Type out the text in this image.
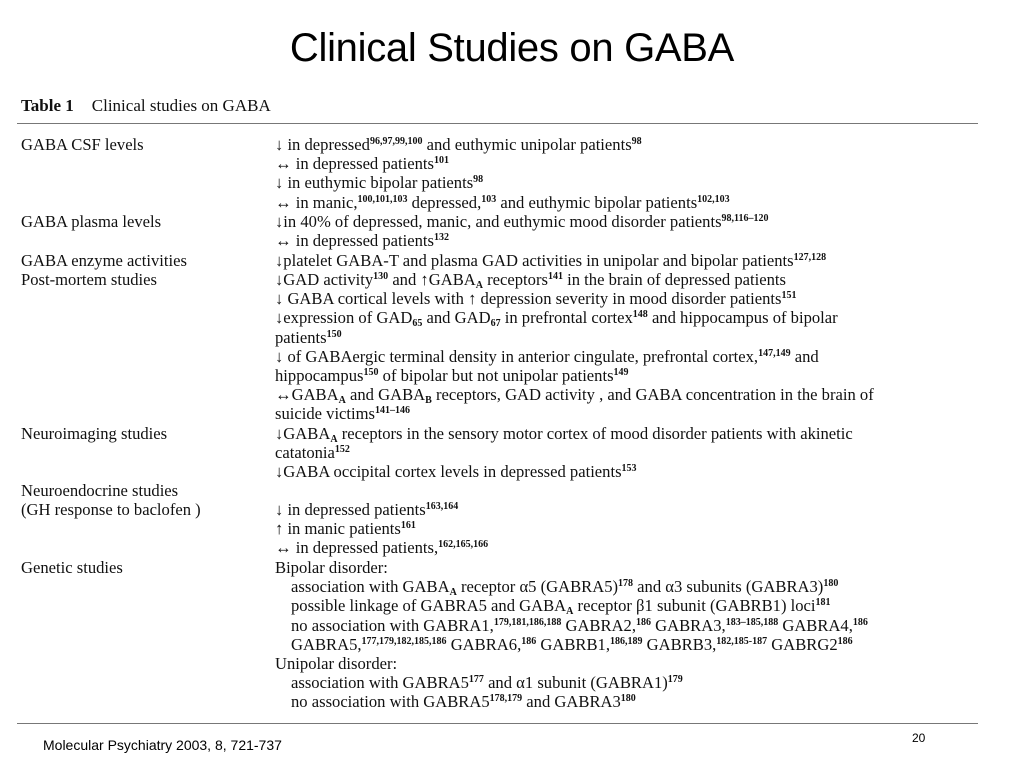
Clinical Studies on GABA
Table 1 Clinical studies on GABA
GABA CSF levels	↓ in depressed$^{96,97,99,100}$ and euthymic unipolar patients$^{98}$
↔ in depressed patients$^{101}$
↓ in euthymic bipolar patients$^{98}$
↔ in manic,$^{100,101,103}$ depressed,$^{103}$ and euthymic bipolar patients$^{102,103}$
GABA plasma levels	↓in 40% of depressed, manic, and euthymic mood disorder patients$^{98,116-120}$
↔ in depressed patients$^{132}$
GABA enzyme activities	↓platelet GABA-T and plasma GAD activities in unipolar and bipolar patients$^{127,128}$
Post-mortem studies	↓GAD activity$^{130}$ and $↑GABA_A$ receptors$^{141}$ in the brain of depressed patients
↓ GABA cortical levels with ↑ depression severity in mood disorder patients$^{151}$
↓expression of $GAD_{65}$ and $GAD_{67}$ in prefrontal cortex$^{148}$ and hippocampus of bipolar
patients$^{150}$
↓ of GABAergic terminal density in anterior cingulate, prefrontal cortex,$^{147,149}$ and
hippocampus$^{150}$ of bipolar but not unipolar patients$^{149}$
$\leftrightarrow GABA_A$ and $GABA_B$ receptors, GAD activity , and GABA concentration in the brain of
suicide victims$^{141-146}$
Neuroimaging studies	$↓GABA_A$ receptors in the sensory motor cortex of mood disorder patients with akinetic
catatonia$^{152}$
↓GABA occipital cortex levels in depressed patients$^{153}$
Neuroendocrine studies
(GH response to baclofen )	↓ in depressed patients$^{163,164}$
↑ in manic patients$^{161}$
↔ in depressed patients,$^{162,165,166}$
Genetic studies	Bipolar disorder:
association with $GABA_A$ receptor α5 (GABRA5)$^{178}$ and α3 subunits (GABRA3)$^{180}$
possible linkage of GABRA5 and $GABA_A$ receptor β1 subunit (GABRB1) loci$^{181}$
no association with GABRA1,$^{179,181,186,188}$ GABRA2,$^{186}$ GABRA3,$^{183-185,188}$ GABRA4,$^{186}$
GABRA5,$^{177,179,182,185,186}$ GABRA6,$^{186}$ GABRB1,$^{186,189}$ GABRB3,$^{182,185-187}$ $GABRG2^{186}$
Unipolar disorder:
association with $GABRA5^{177}$ and α1 subunit (GABRA1)$^{179}$
no association with GABRA5$^{178,179}$ and $GABRA3^{180}$
Molecular Psychiatry 2003, 8, 721-737	20
